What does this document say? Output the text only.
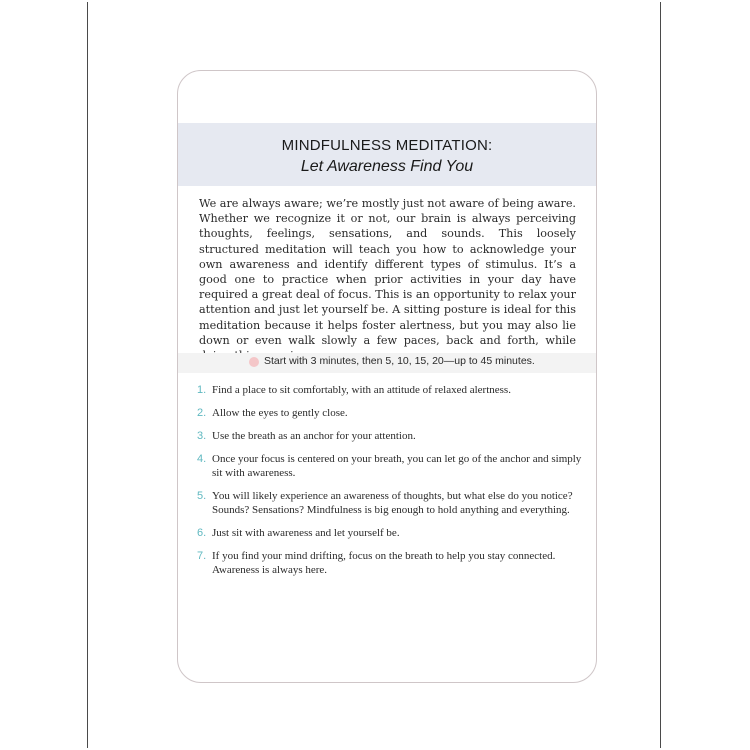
MINDFULNESS MEDITATION:
Let Awareness Find You

We are always aware; we’re mostly just not aware of being aware. Whether we recognize it or not, our brain is always perceiving thoughts, feelings, sensations, and sounds. This loosely structured meditation will teach you how to acknowledge your own awareness and identify different types of stimulus. It’s a good one to practice when prior activities in your day have required a great deal of focus. This is an opportunity to relax your attention and just let yourself be. A sitting posture is ideal for this meditation because it helps foster alertness, but you may also lie down or even walk slowly a few paces, back and forth, while

Start with 3 minutes, then 5, 10, 15, 20—up to 45 minutes.
1. Find a place to sit comfortably, with an attitude of relaxed alertness.
2. Allow the eyes to gently close.
3. Use the breath as an anchor for your attention.
4. Once your focus is centered on your breath, you can let go of the anchor and simply sit with awareness.
5. You will likely experience an awareness of thoughts, but what else do you notice? Sounds? Sensations? Mindfulness is big enough to hold anything and everything.
6. Just sit with awareness and let yourself be.
7. If you find your mind drifting, focus on the breath to help you stay connected. Awareness is always here.
